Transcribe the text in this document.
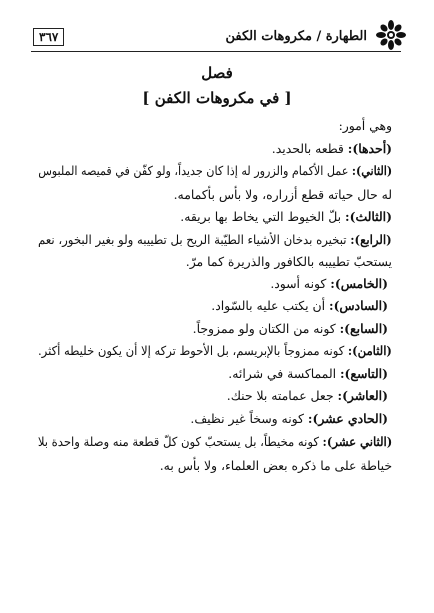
الطهارة / مكروهات الكفن
٣٦٧
فصل
[ في مكروهات الكفن ]
وهي أمور:
(أحدها): قطعه بالحديد.
(الثاني): عمل الأكمام والزرور له إذا كان جديداً، ولو كفّن في قميصه الملبوس
له حال حياته قطع أزراره، ولا بأس بأكمامه.
(الثالث): بلّ الخيوط التي يخاط بها بريقه.
(الرابع): تبخيره بدخان الأشياء الطيّبة الريح بل تطييبه ولو بغير البخور، نعم
يستحبّ تطييبه بالكافور والذريرة كما مرّ.
(الخامس): كونه أسود.
(السادس): أن يكتب عليه بالسّواد.
(السابع): كونه من الكتان ولو ممزوجاً.
(الثامن): كونه ممزوجاً بالإبريسم، بل الأحوط تركه إلا أن يكون خليطه أكثر.
(التاسع): المماكسة في شرائه.
(العاشر): جعل عمامته بلا حنك.
(الحادي عشر): كونه وسخاً غير نظيف.
(الثاني عشر): كونه مخيطاً، بل يستحبّ كون كلّ قطعة منه وصلة واحدة بلا
خياطة على ما ذكره بعض العلماء، ولا بأس به.
